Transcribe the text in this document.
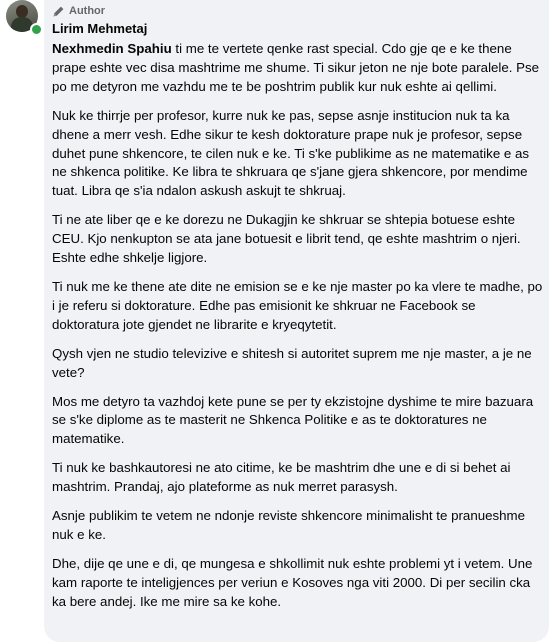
Author
Lirim Mehmetaj

Nexhmedin Spahiu ti me te vertete qenke rast special. Cdo gje qe e ke thene prape eshte vec disa mashtrime me shume. Ti sikur jeton ne nje bote paralele. Pse po me detyron me vazhdu me te be poshtrim publik kur nuk eshte ai qellimi.

Nuk ke thirrje per profesor, kurre nuk ke pas, sepse asnje institucion nuk ta ka dhene a merr vesh. Edhe sikur te kesh doktorature prape nuk je profesor, sepse duhet pune shkencore, te cilen nuk e ke. Ti s'ke publikime as ne matematike e as ne shkenca politike. Ke libra te shkruara qe s'jane gjera shkencore, por mendime tuat. Libra qe s'ia ndalon askush askujt te shkruaj.

Ti ne ate liber qe e ke dorezu ne Dukagjin ke shkruar se shtepia botuese eshte CEU. Kjo nenkupton se ata jane botuesit e librit tend, qe eshte mashtrim o njeri. Eshte edhe shkelje ligjore.

Ti nuk me ke thene ate dite ne emision se e ke nje master po ka vlere te madhe, po i je referu si doktorature. Edhe pas emisionit ke shkruar ne Facebook se doktoratura jote gjendet ne librarite e kryeqytetit.

Qysh vjen ne studio televizive e shitesh si autoritet suprem me nje master, a je ne vete?

Mos me detyro ta vazhdoj kete pune se per ty ekzistojne dyshime te mire bazuara se s'ke diplome as te masterit ne Shkenca Politike e as te doktoratures ne matematike.

Ti nuk ke bashkautoresi ne ato citime, ke be mashtrim dhe une e di si behet ai mashtrim. Prandaj, ajo plateforme as nuk merret parasysh.

Asnje publikim te vetem ne ndonje reviste shkencore minimalisht te pranueshme nuk e ke.

Dhe, dije qe une e di, qe mungesa e shkollimit nuk eshte problemi yt i vetem. Une kam raporte te inteligjences per veriun e Kosoves nga viti 2000. Di per secilin cka ka bere andej. Ike me mire sa ke kohe.
